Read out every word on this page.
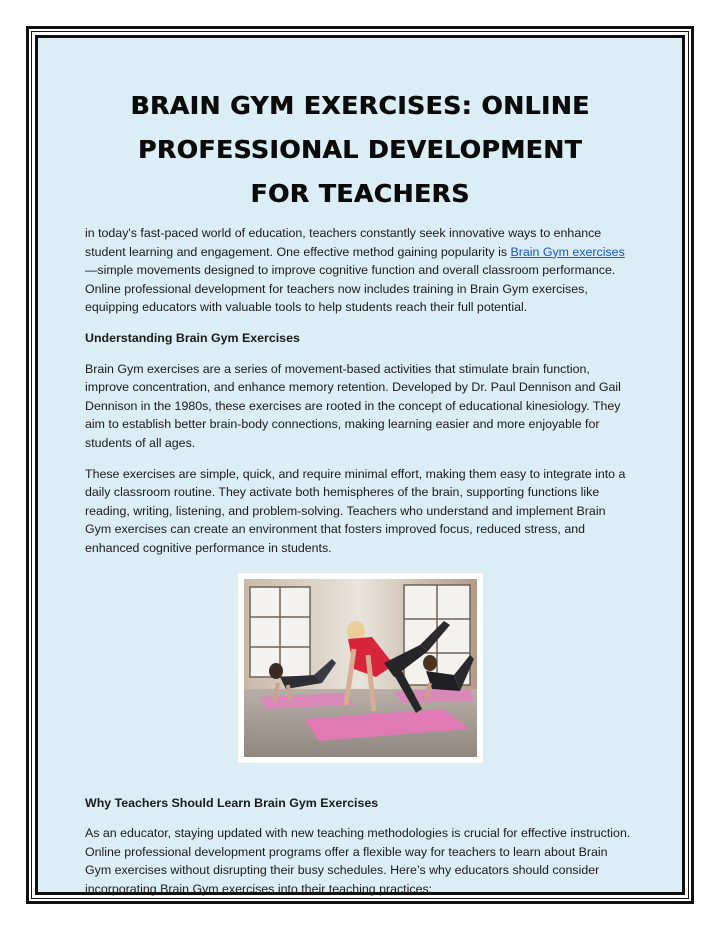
BRAIN GYM EXERCISES: ONLINE PROFESSIONAL DEVELOPMENT FOR TEACHERS

in today's fast-paced world of education, teachers constantly seek innovative ways to enhance student learning and engagement. One effective method gaining popularity is Brain Gym exercises—simple movements designed to improve cognitive function and overall classroom performance. Online professional development for teachers now includes training in Brain Gym exercises, equipping educators with valuable tools to help students reach their full potential.

Understanding Brain Gym Exercises

Brain Gym exercises are a series of movement-based activities that stimulate brain function, improve concentration, and enhance memory retention. Developed by Dr. Paul Dennison and Gail Dennison in the 1980s, these exercises are rooted in the concept of educational kinesiology. They aim to establish better brain-body connections, making learning easier and more enjoyable for students of all ages.

These exercises are simple, quick, and require minimal effort, making them easy to integrate into a daily classroom routine. They activate both hemispheres of the brain, supporting functions like reading, writing, listening, and problem-solving. Teachers who understand and implement Brain Gym exercises can create an environment that fosters improved focus, reduced stress, and enhanced cognitive performance in students.

Why Teachers Should Learn Brain Gym Exercises

As an educator, staying updated with new teaching methodologies is crucial for effective instruction. Online professional development programs offer a flexible way for teachers to learn about Brain Gym exercises without disrupting their busy schedules. Here’s why educators should consider incorporating Brain Gym exercises into their teaching practices:
